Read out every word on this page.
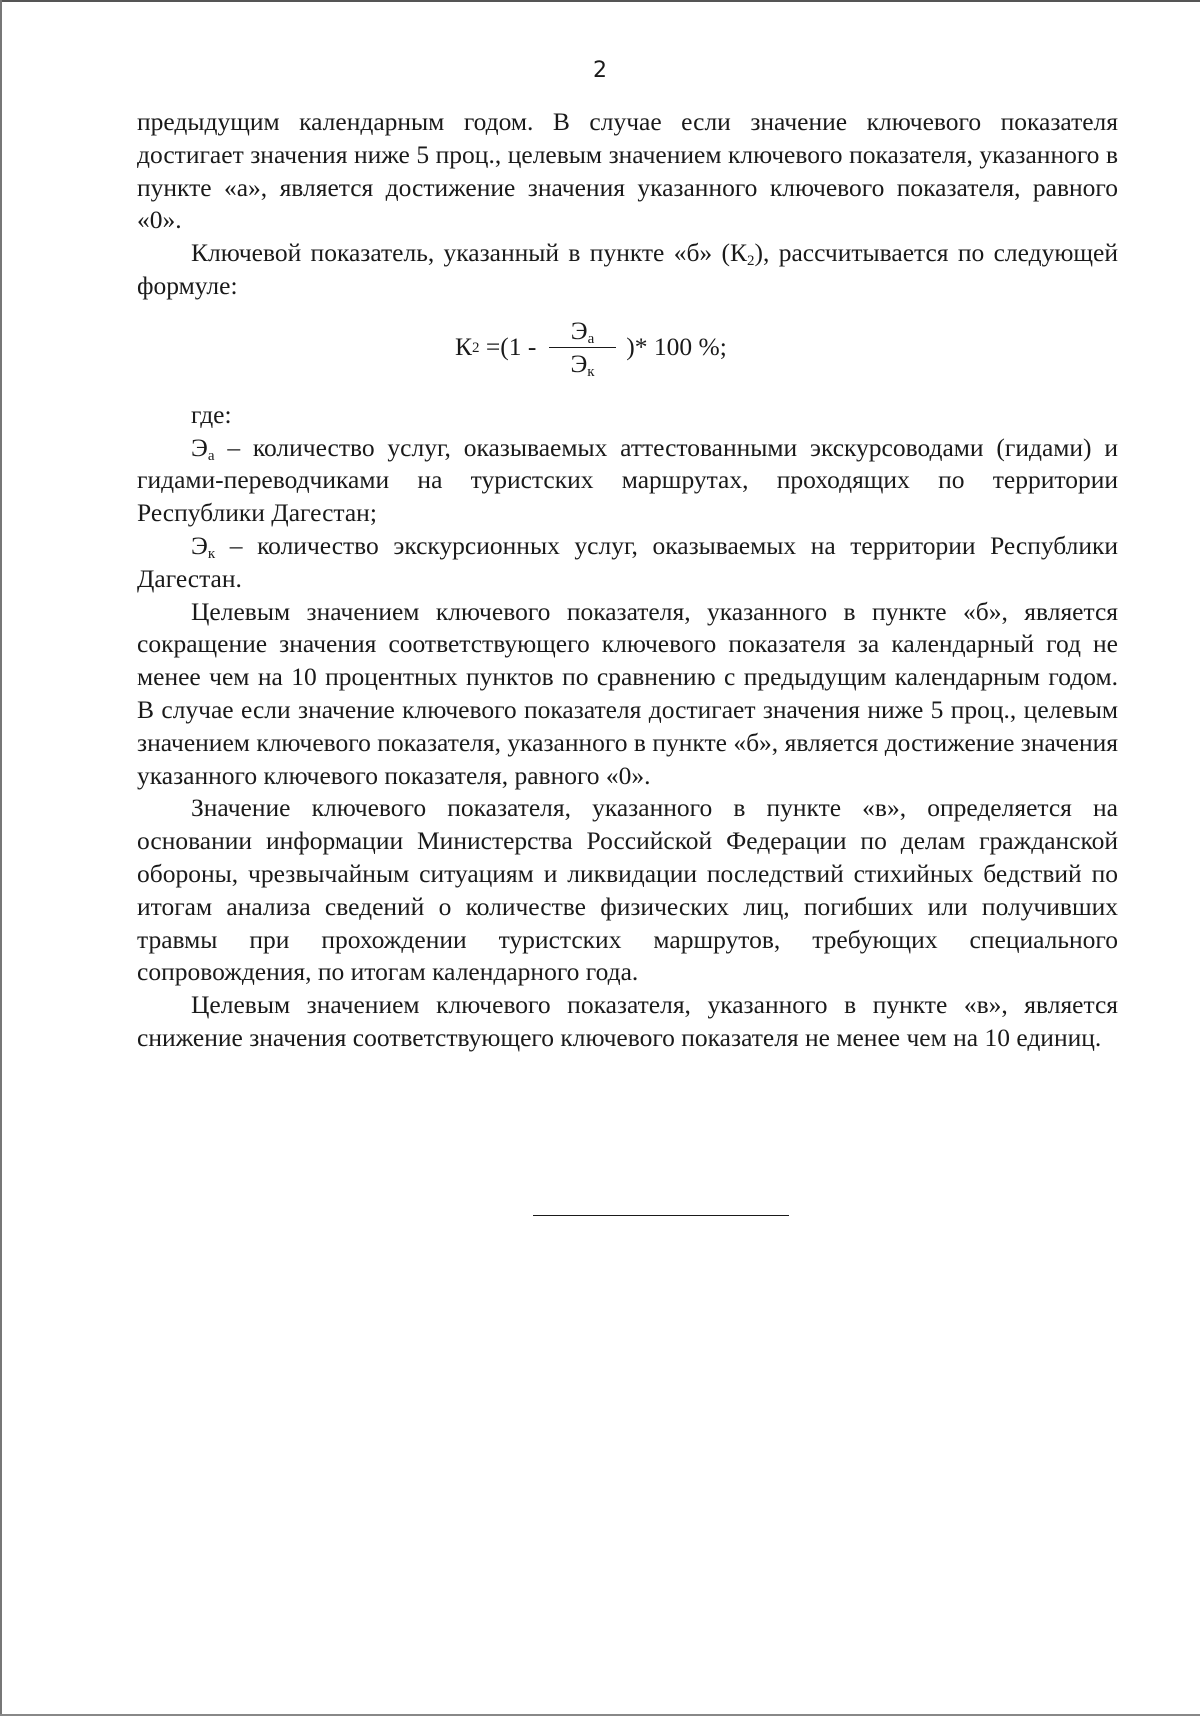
2

предыдущим календарным годом. В случае если значение ключевого показателя достигает значения ниже 5 проц., целевым значением ключевого показателя, указанного в пункте «а», является достижение значения указанного ключевого показателя, равного «0».

Ключевой показатель, указанный в пункте «б» $(К_2)$, рассчитывается по следующей формуле:

К $2 =(1 - \frac{Э_а}{Э_к}$ )* 100 %;

где:

$Э_а$ – количество услуг, оказываемых аттестованными экскурсоводами (гидами) и гидами-переводчиками на туристских маршрутах, проходящих по территории Республики Дагестан;

$Э_к$ – количество экскурсионных услуг, оказываемых на территории Республики Дагестан.

Целевым значением ключевого показателя, указанного в пункте «б», является сокращение значения соответствующего ключевого показателя за календарный год не менее чем на 10 процентных пунктов по сравнению с предыдущим календарным годом. В случае если значение ключевого показателя достигает значения ниже 5 проц., целевым значением ключевого показателя, указанного в пункте «б», является достижение значения указанного ключевого показателя, равного «0».

Значение ключевого показателя, указанного в пункте «в», определяется на основании информации Министерства Российской Федерации по делам гражданской обороны, чрезвычайным ситуациям и ликвидации последствий стихийных бедствий по итогам анализа сведений о количестве физических лиц, погибших или получивших травмы при прохождении туристских маршрутов, требующих специального сопровождения, по итогам календарного года.

Целевым значением ключевого показателя, указанного в пункте «в», является снижение значения соответствующего ключевого показателя не менее чем на 10 единиц.
